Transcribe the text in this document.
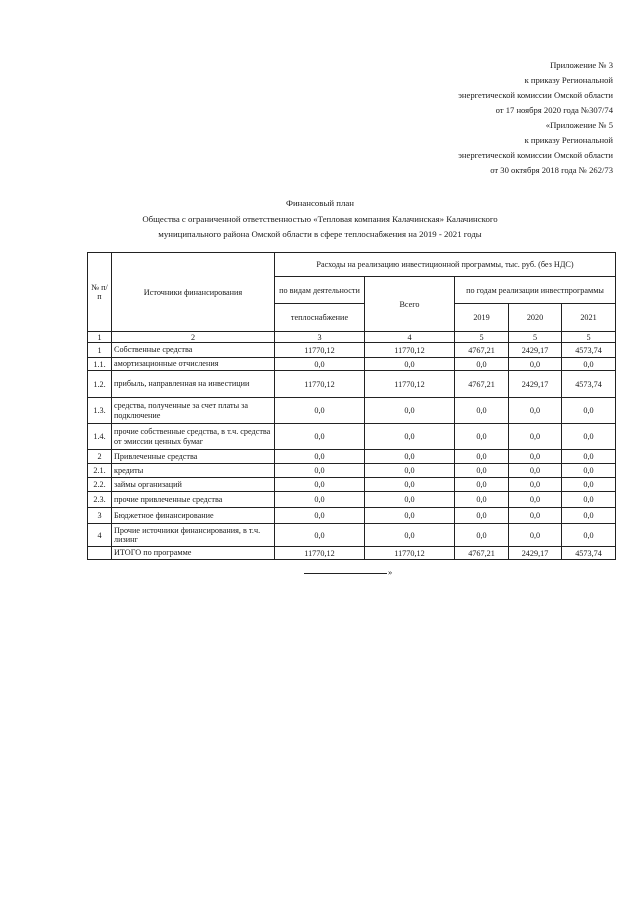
Приложение № 3
к приказу Региональной
энергетической комиссии Омской области
от 17 ноября 2020 года №307/74
«Приложение № 5
к приказу Региональной
энергетической комиссии Омской области
от 30 октября 2018 года № 262/73
Финансовый план
Общества с ограниченной ответственностью «Тепловая компания Калачинская» Калачинского
муниципального района Омской области в сфере теплоснабжения на 2019 - 2021 годы
№ п/п	Источники финансирования	Расходы на реализацию инвестиционной программы, тыс. руб. (без НДС)				
		по видам деятельности	Всего	по годам реализации инвестпрограммы		
		теплоснабжение		2019	2020	2021
1	2	3	4	5	5	5
1	Собственные средства	11770,12	11770,12	4767,21	2429,17	4573,74
1.1.	амортизационные отчисления	0,0	0,0	0,0	0,0	0,0
1.2.	прибыль, направленная на инвестиции	11770,12	11770,12	4767,21	2429,17	4573,74
1.3.	средства, полученные за счет платы за подключение	0,0	0,0	0,0	0,0	0,0
1.4.	прочие собственные средства, в т.ч. средства от эмиссии ценных бумаг	0,0	0,0	0,0	0,0	0,0
2	Привлеченные средства	0,0	0,0	0,0	0,0	0,0
2.1.	кредиты	0,0	0,0	0,0	0,0	0,0
2.2.	займы организаций	0,0	0,0	0,0	0,0	0,0
2.3.	прочие привлеченные средства	0,0	0,0	0,0	0,0	0,0
3	Бюджетное финансирование	0,0	0,0	0,0	0,0	0,0
4	Прочие источники финансирования, в т.ч. лизинг	0,0	0,0	0,0	0,0	0,0
	ИТОГО по программе	11770,12	11770,12	4767,21	2429,17	4573,74
»
